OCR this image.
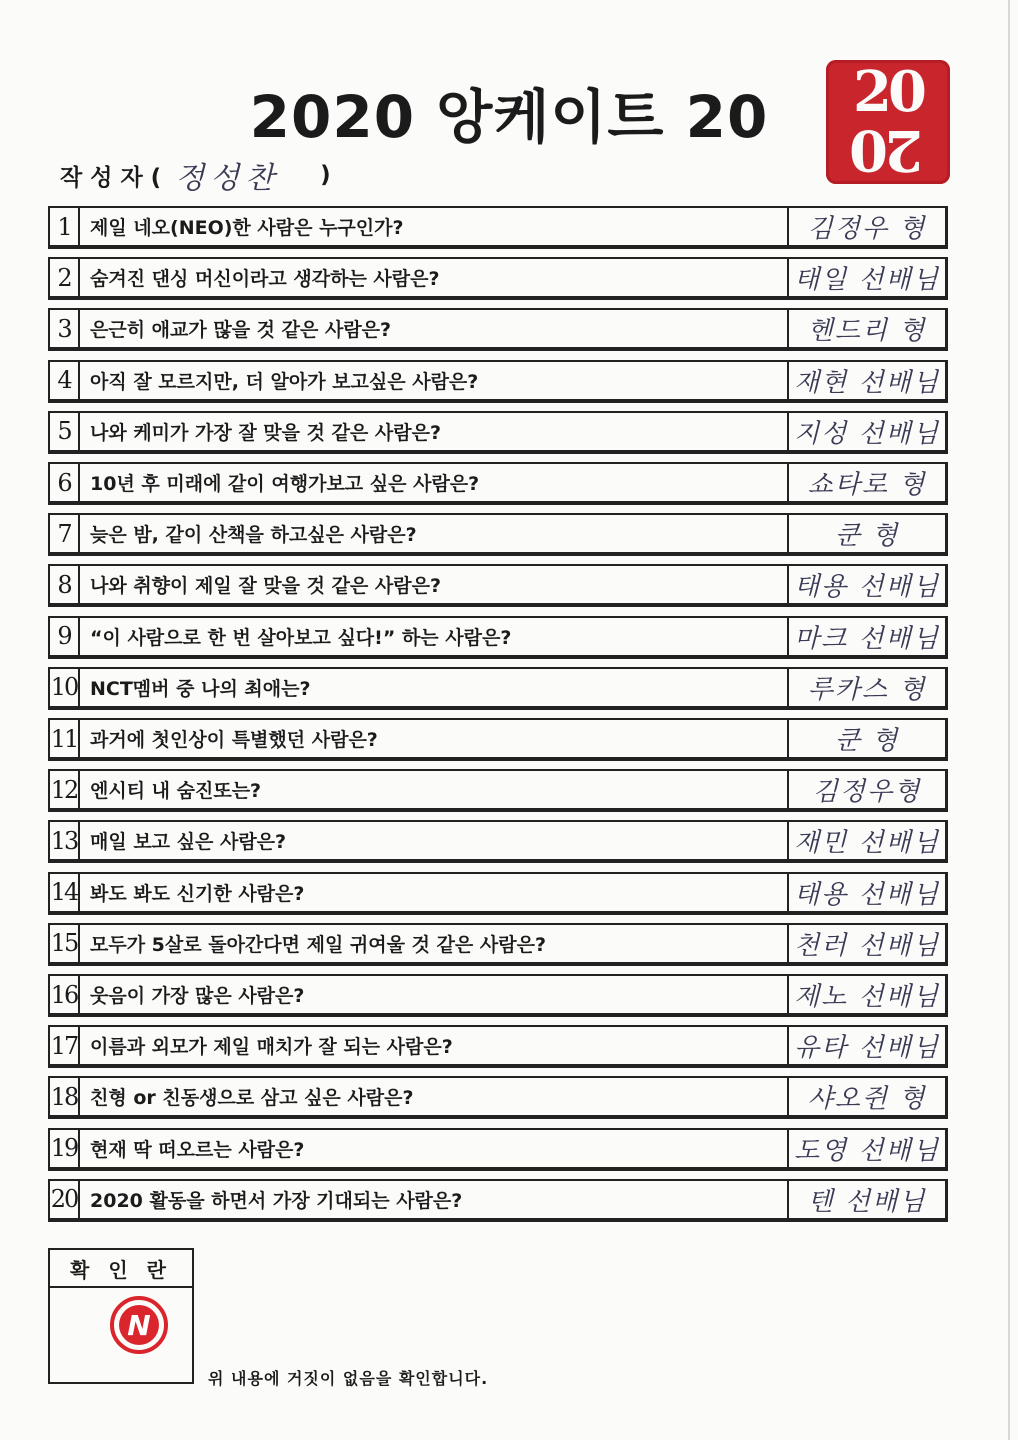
2020 앙케이트 20	20
20
작 성 자 ( 정성찬 )
1	제일 네오(NEO)한 사람은 누구인가?	김정우 형
2	숨겨진 댄싱 머신이라고 생각하는 사람은?	태일 선배님
3	은근히 애교가 많을 것 같은 사람은?	헨드리 형
4	아직 잘 모르지만, 더 알아가 보고싶은 사람은?	재현 선배님
5	나와 케미가 가장 잘 맞을 것 같은 사람은?	지성 선배님
6	10년 후 미래에 같이 여행가보고 싶은 사람은?	쇼타로 형
7	늦은 밤, 같이 산책을 하고싶은 사람은?	쿤 형
8	나와 취향이 제일 잘 맞을 것 같은 사람은?	태용 선배님
9	“이 사람으로 한 번 살아보고 싶다!” 하는 사람은?	마크 선배님
10 NCT멤버 중 나의 최애는?	루카스 형
11 과거에 첫인상이 특별했던 사람은?	쿤 형
12 엔시티 내 숨진또는?	김정우형
13 매일 보고 싶은 사람은?	재민 선배님
14 봐도 봐도 신기한 사람은?	태용 선배님
15 모두가 5살로 돌아간다면 제일 귀여울 것 같은 사람은?	천러 선배님
16 웃음이 가장 많은 사람은?	제노 선배님
17 이름과 외모가 제일 매치가 잘 되는 사람은?	유타 선배님
18 친형 or 친동생으로 삼고 싶은 사람은?	샤오쥔 형
19 현재 딱 떠오르는 사람은?	도영 선배님
20 2020 활동을 하면서 가장 기대되는 사람은?	텐 선배님
확 인 란
N
위 내용에 거짓이 없음을 확인합니다.
